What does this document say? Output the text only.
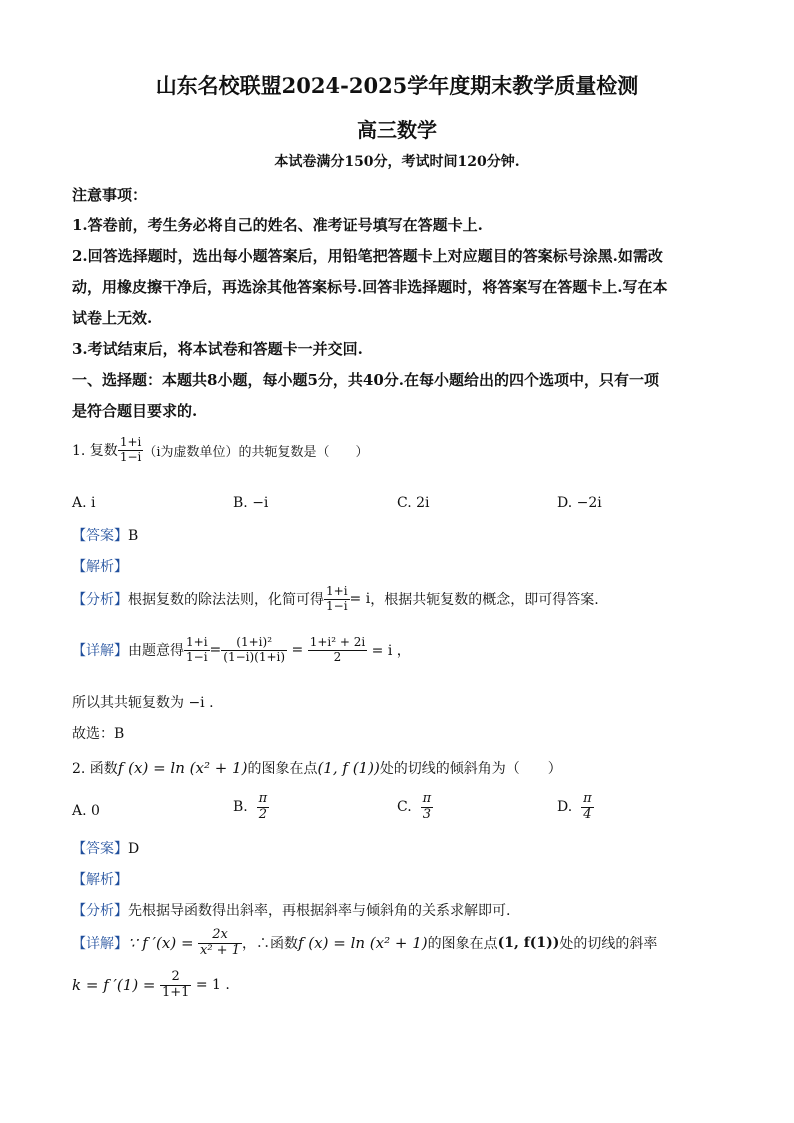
山东名校联盟2024-2025学年度期末教学质量检测
高三数学
本试卷满分150分，考试时间120分钟.
注意事项：
1.答卷前，考生务必将自己的姓名、准考证号填写在答题卡上.
2.回答选择题时，选出每小题答案后，用铅笔把答题卡上对应题目的答案标号涂黑.如需改
动，用橡皮擦干净后，再选涂其他答案标号.回答非选择题时，将答案写在答题卡上.写在本
试卷上无效.
3.考试结束后，将本试卷和答题卡一并交回.
一、选择题：本题共8小题，每小题5分，共40分.在每小题给出的四个选项中，只有一项
是符合题目要求的.
1. 复数 $\frac{1+i}{1-i} (i$为虚数单位）的共轭复数是（　　）
A. i	B. −i	C. 2i	D. −2i
【答案】B
【解析】
【分析】 根据复数的除法法则，化简可得 $\frac{1+i}{1-i} = i$ ，根据共轭复数的概念，即可得答案.
【详解】 由题意得 $\frac{1+i}{1-i} = \frac{\text{(1+i)²}}{(1-i)(1+i)} = \frac{\text{1+i² + 2i}}{2}$
= i ，
所以其共轭复数为 −i .
故选：B
2. 函数 f (x) = ln (x² + 1) 的图象在点 (1, f (1)) 处的切线的倾斜角为（　　）
A. 0	B.
$\frac{\pi}{2}$	C.
$\frac{\pi}{3}$	D.
$\frac{\pi}{4}$
【答案】D
【解析】
【分析】先根据导函数得出斜率，再根据斜率与倾斜角的关系求解即可.
【详解】 ∵ f ′(x) =
$\frac{2x}{\text{x² + 1}}$ ，∴函数 f (x) = ln (x² + 1) 的图象在点 (1, f(1)) 处的切线的斜率
k = f ′(1) =
$\frac{2}{1+1}$
= 1 .
